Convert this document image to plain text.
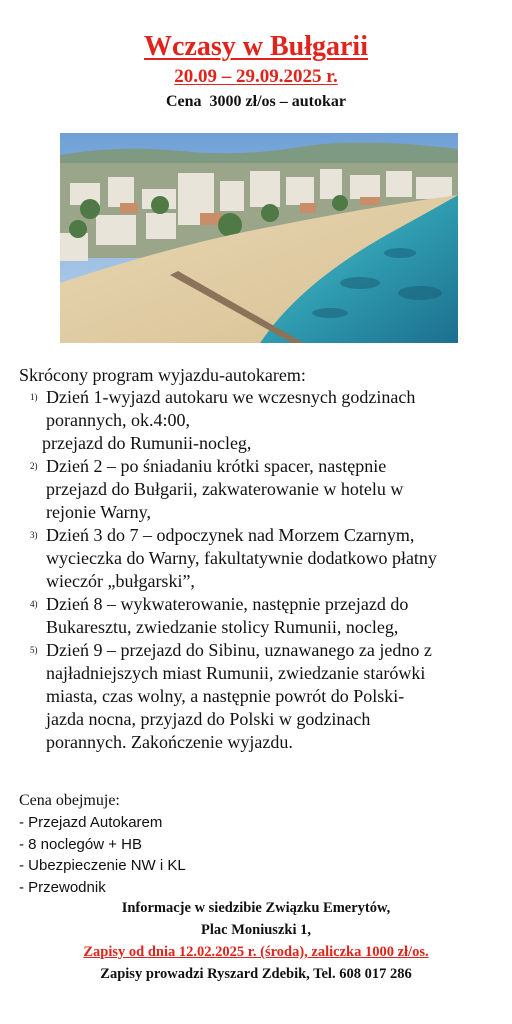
Wczasy w Bułgarii
20.09 – 29.09.2025 r.
Cena  3000 zł/os – autokar
Skrócony program wyjazdu-autokarem:
1) Dzień 1-wyjazd autokaru we wczesnych godzinach
porannych, ok.4:00,
przejazd do Rumunii-nocleg,
2) Dzień 2 – po śniadaniu krótki spacer, następnie
przejazd do Bułgarii, zakwaterowanie w hotelu w
rejonie Warny,
3) Dzień 3 do 7 – odpoczynek nad Morzem Czarnym,
wycieczka do Warny, fakultatywnie dodatkowo płatny
wieczór „bułgarski”,
4) Dzień 8 – wykwaterowanie, następnie przejazd do
Bukaresztu, zwiedzanie stolicy Rumunii, nocleg,
5) Dzień 9 – przejazd do Sibinu, uznawanego za jedno z
najładniejszych miast Rumunii, zwiedzanie starówki
miasta, czas wolny, a następnie powrót do Polski-
jazda nocna, przyjazd do Polski w godzinach
porannych. Zakończenie wyjazdu.
Cena obejmuje:
- Przejazd Autokarem
- 8 noclegów + HB
- Ubezpieczenie NW i KL
- Przewodnik
Informacje w siedzibie Związku Emerytów,
Plac Moniuszki 1,
Zapisy od dnia 12.02.2025 r. (środa), zaliczka 1000 zł/os.
Zapisy prowadzi Ryszard Zdebik, Tel. 608 017 286
